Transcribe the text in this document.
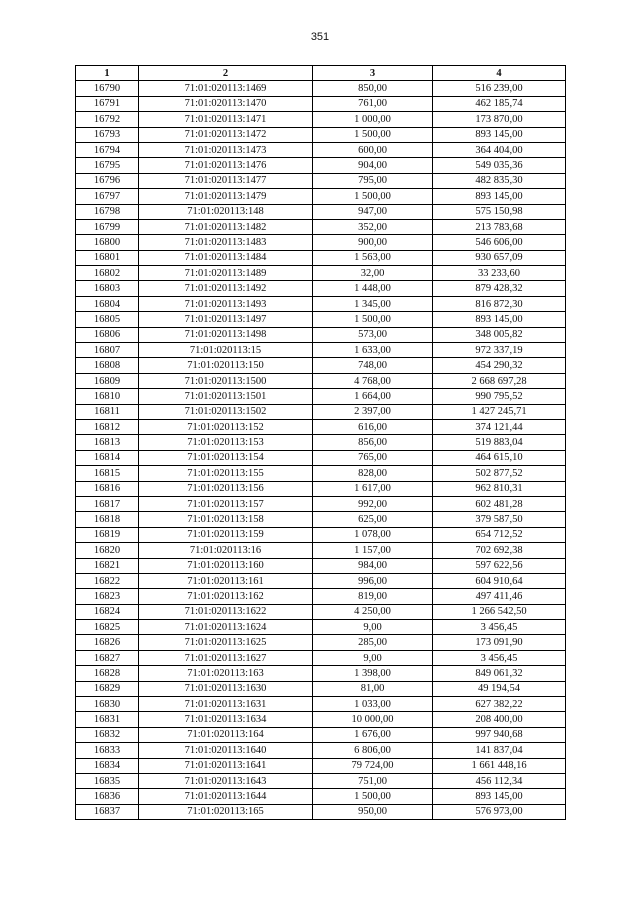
351
1	2	3	4
16790	71:01:020113:1469	850,00	516 239,00
16791	71:01:020113:1470	761,00	462 185,74
16792	71:01:020113:1471	1 000,00	173 870,00
16793	71:01:020113:1472	1 500,00	893 145,00
16794	71:01:020113:1473	600,00	364 404,00
16795	71:01:020113:1476	904,00	549 035,36
16796	71:01:020113:1477	795,00	482 835,30
16797	71:01:020113:1479	1 500,00	893 145,00
16798	71:01:020113:148	947,00	575 150,98
16799	71:01:020113:1482	352,00	213 783,68
16800	71:01:020113:1483	900,00	546 606,00
16801	71:01:020113:1484	1 563,00	930 657,09
16802	71:01:020113:1489	32,00	33 233,60
16803	71:01:020113:1492	1 448,00	879 428,32
16804	71:01:020113:1493	1 345,00	816 872,30
16805	71:01:020113:1497	1 500,00	893 145,00
16806	71:01:020113:1498	573,00	348 005,82
16807	71:01:020113:15	1 633,00	972 337,19
16808	71:01:020113:150	748,00	454 290,32
16809	71:01:020113:1500	4 768,00	2 668 697,28
16810	71:01:020113:1501	1 664,00	990 795,52
16811	71:01:020113:1502	2 397,00	1 427 245,71
16812	71:01:020113:152	616,00	374 121,44
16813	71:01:020113:153	856,00	519 883,04
16814	71:01:020113:154	765,00	464 615,10
16815	71:01:020113:155	828,00	502 877,52
16816	71:01:020113:156	1 617,00	962 810,31
16817	71:01:020113:157	992,00	602 481,28
16818	71:01:020113:158	625,00	379 587,50
16819	71:01:020113:159	1 078,00	654 712,52
16820	71:01:020113:16	1 157,00	702 692,38
16821	71:01:020113:160	984,00	597 622,56
16822	71:01:020113:161	996,00	604 910,64
16823	71:01:020113:162	819,00	497 411,46
16824	71:01:020113:1622	4 250,00	1 266 542,50
16825	71:01:020113:1624	9,00	3 456,45
16826	71:01:020113:1625	285,00	173 091,90
16827	71:01:020113:1627	9,00	3 456,45
16828	71:01:020113:163	1 398,00	849 061,32
16829	71:01:020113:1630	81,00	49 194,54
16830	71:01:020113:1631	1 033,00	627 382,22
16831	71:01:020113:1634	10 000,00	208 400,00
16832	71:01:020113:164	1 676,00	997 940,68
16833	71:01:020113:1640	6 806,00	141 837,04
16834	71:01:020113:1641	79 724,00	1 661 448,16
16835	71:01:020113:1643	751,00	456 112,34
16836	71:01:020113:1644	1 500,00	893 145,00
16837	71:01:020113:165	950,00	576 973,00
